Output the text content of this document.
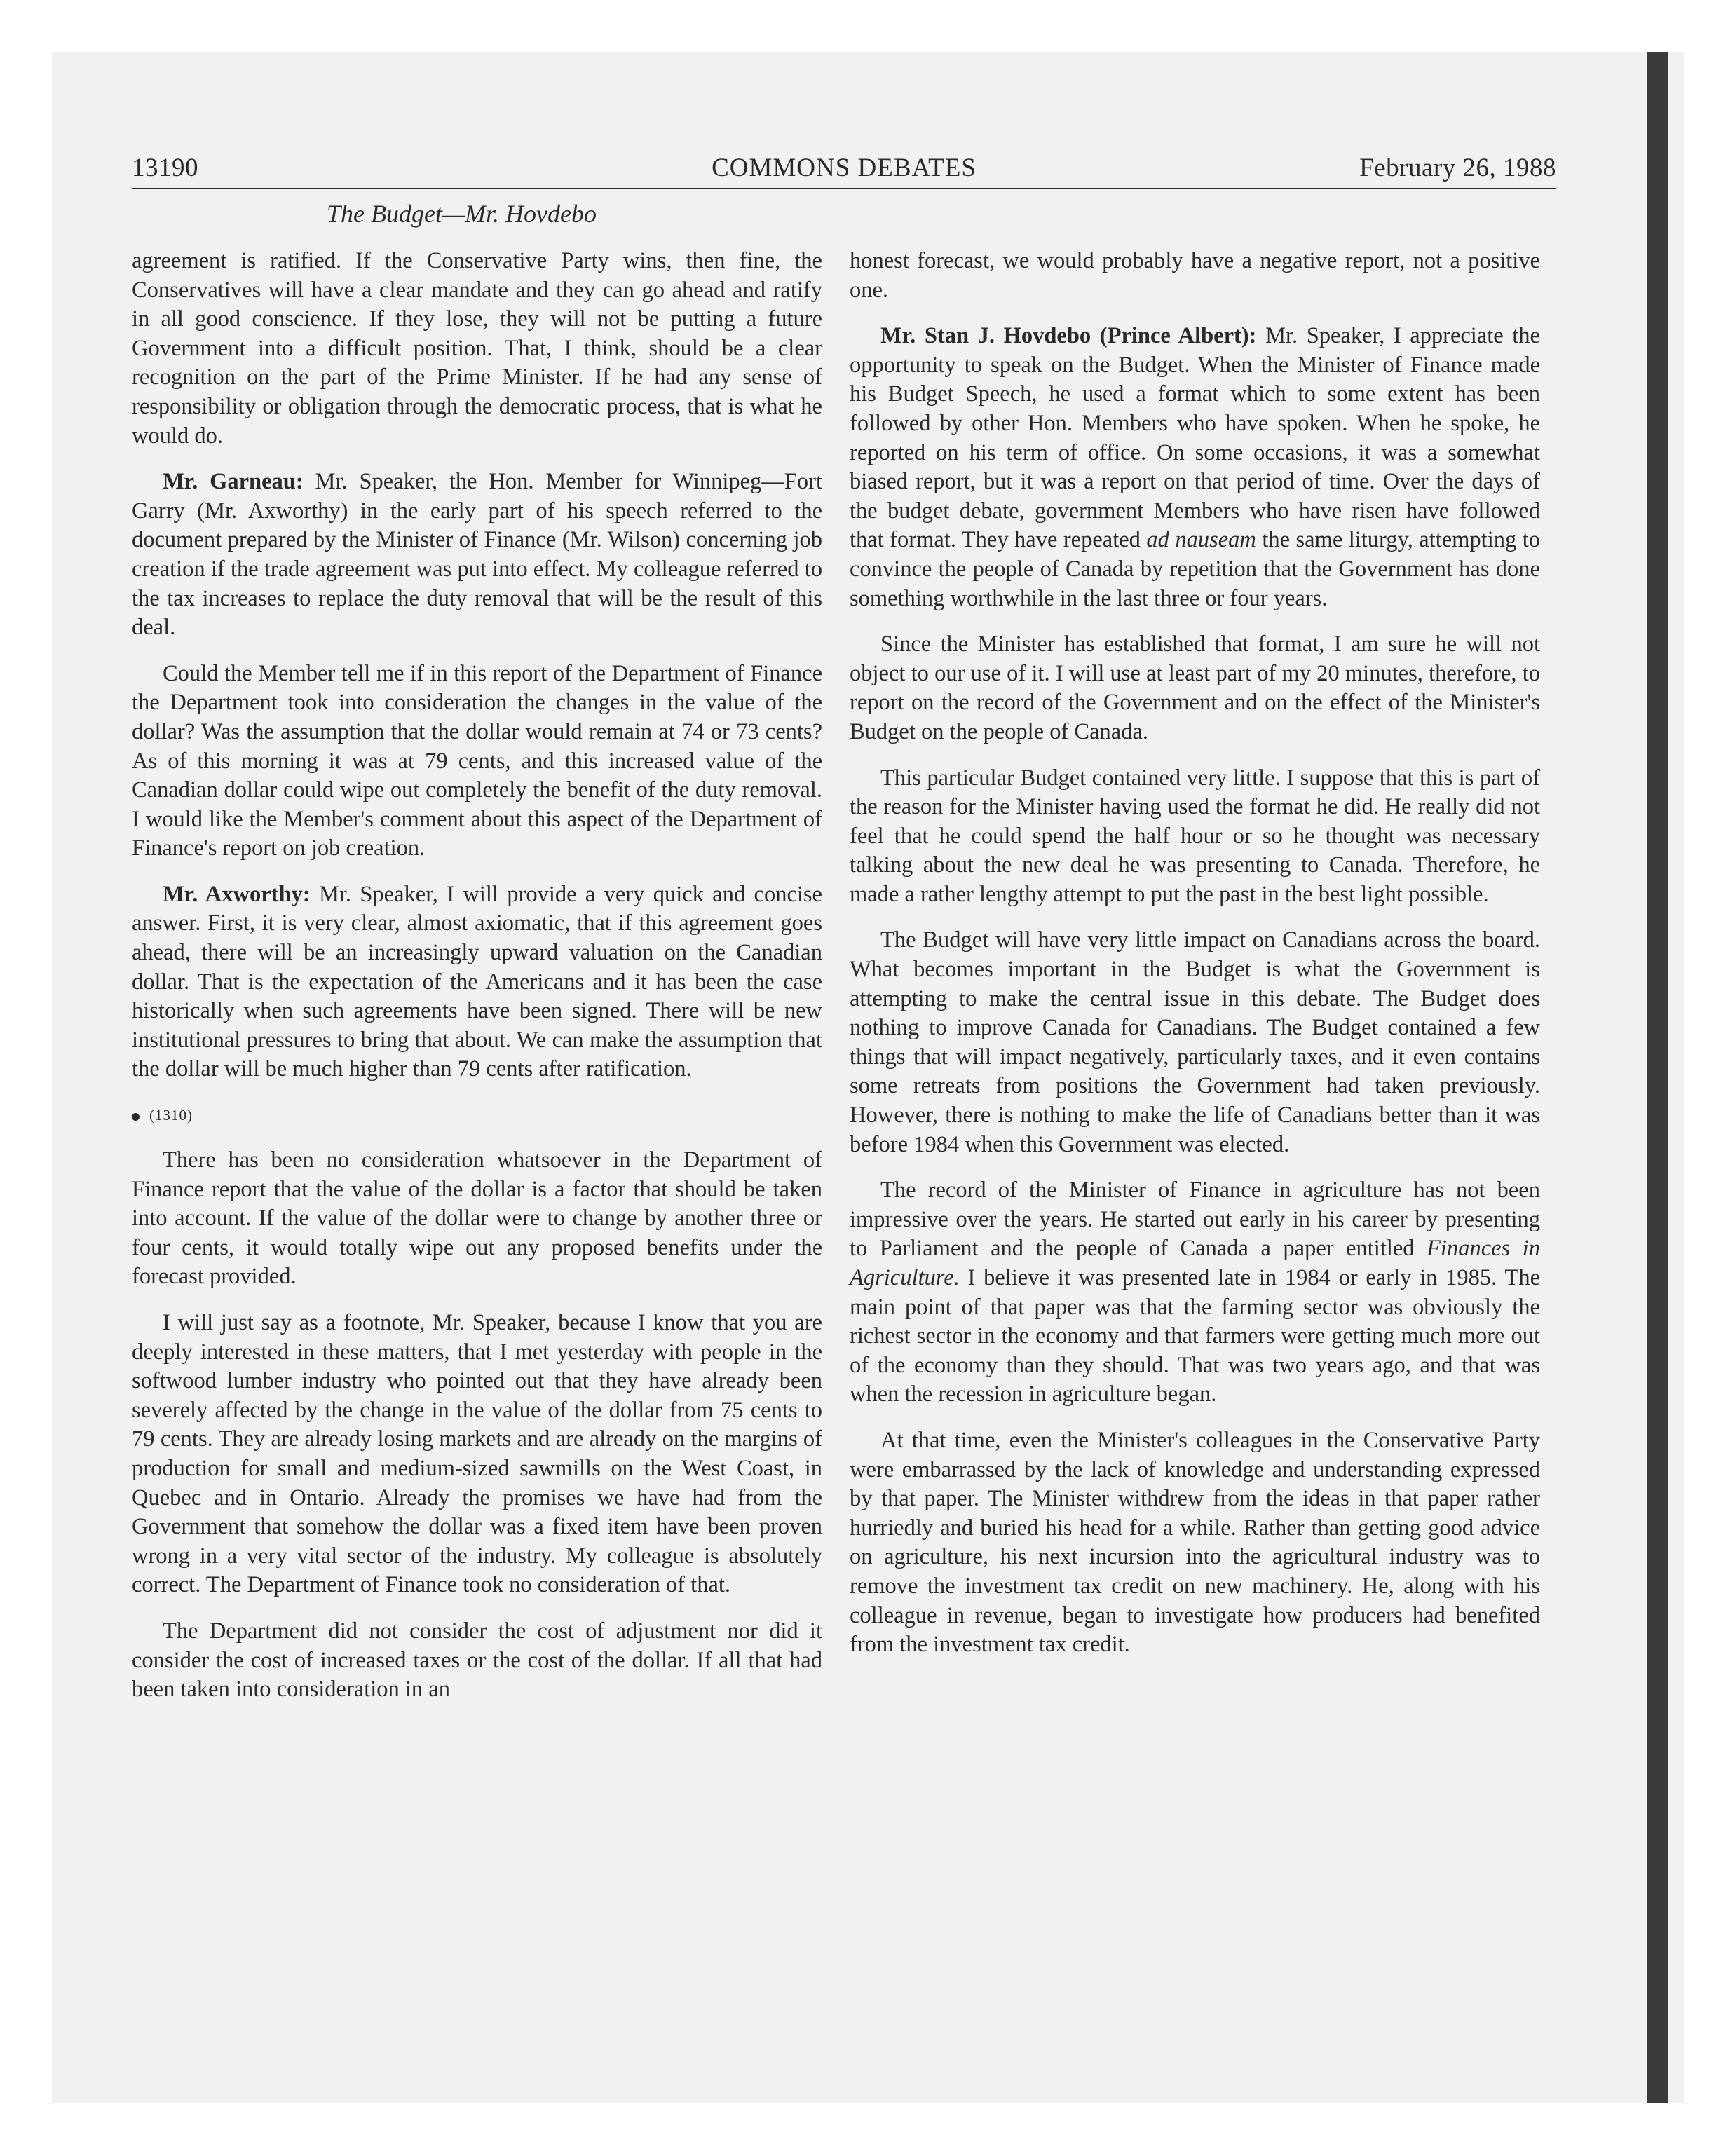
13190	COMMONS DEBATES	February 26, 1988
The Budget—Mr. Hovdebo

agreement is ratified. If the Conservative Party wins, then fine, the Conservatives will have a clear mandate and they can go ahead and ratify in all good conscience. If they lose, they will not be putting a future Government into a difficult position. That, I think, should be a clear recognition on the part of the Prime Minister. If he had any sense of responsibility or obligation through the democratic process, that is what he would do.

Mr. Garneau: Mr. Speaker, the Hon. Member for Winnipeg—Fort Garry (Mr. Axworthy) in the early part of his speech referred to the document prepared by the Minister of Finance (Mr. Wilson) concerning job creation if the trade agreement was put into effect. My colleague referred to the tax increases to replace the duty removal that will be the result of this deal.

Could the Member tell me if in this report of the Department of Finance the Department took into consideration the changes in the value of the dollar? Was the assumption that the dollar would remain at 74 or 73 cents? As of this morning it was at 79 cents, and this increased value of the Canadian dollar could wipe out completely the benefit of the duty removal. I would like the Member's comment about this aspect of the Department of Finance's report on job creation.

Mr. Axworthy: Mr. Speaker, I will provide a very quick and concise answer. First, it is very clear, almost axiomatic, that if this agreement goes ahead, there will be an increasingly upward valuation on the Canadian dollar. That is the expectation of the Americans and it has been the case historically when such agreements have been signed. There will be new institutional pressures to bring that about. We can make the assumption that the dollar will be much higher than 79 cents after ratification.

(1310)

There has been no consideration whatsoever in the Department of Finance report that the value of the dollar is a factor that should be taken into account. If the value of the dollar were to change by another three or four cents, it would totally wipe out any proposed benefits under the forecast provided.

I will just say as a footnote, Mr. Speaker, because I know that you are deeply interested in these matters, that I met yesterday with people in the softwood lumber industry who pointed out that they have already been severely affected by the change in the value of the dollar from 75 cents to 79 cents. They are already losing markets and are already on the margins of production for small and medium-sized sawmills on the West Coast, in Quebec and in Ontario. Already the promises we have had from the Government that somehow the dollar was a fixed item have been proven wrong in a very vital sector of the industry. My colleague is absolutely correct. The Department of Finance took no consideration of that.

The Department did not consider the cost of adjustment nor did it consider the cost of increased taxes or the cost of the dollar. If all that had been taken into consideration in an

honest forecast, we would probably have a negative report, not a positive one.

Mr. Stan J. Hovdebo (Prince Albert): Mr. Speaker, I appreciate the opportunity to speak on the Budget. When the Minister of Finance made his Budget Speech, he used a format which to some extent has been followed by other Hon. Members who have spoken. When he spoke, he reported on his term of office. On some occasions, it was a somewhat biased report, but it was a report on that period of time. Over the days of the budget debate, government Members who have risen have followed that format. They have repeated ad nauseam the same liturgy, attempting to convince the people of Canada by repetition that the Government has done something worthwhile in the last three or four years.

Since the Minister has established that format, I am sure he will not object to our use of it. I will use at least part of my 20 minutes, therefore, to report on the record of the Government and on the effect of the Minister's Budget on the people of Canada.

This particular Budget contained very little. I suppose that this is part of the reason for the Minister having used the format he did. He really did not feel that he could spend the half hour or so he thought was necessary talking about the new deal he was presenting to Canada. Therefore, he made a rather lengthy attempt to put the past in the best light possible.

The Budget will have very little impact on Canadians across the board. What becomes important in the Budget is what the Government is attempting to make the central issue in this debate. The Budget does nothing to improve Canada for Canadians. The Budget contained a few things that will impact negatively, particularly taxes, and it even contains some retreats from positions the Government had taken previously. However, there is nothing to make the life of Canadians better than it was before 1984 when this Government was elected.

The record of the Minister of Finance in agriculture has not been impressive over the years. He started out early in his career by presenting to Parliament and the people of Canada a paper entitled Finances in Agriculture. I believe it was presented late in 1984 or early in 1985. The main point of that paper was that the farming sector was obviously the richest sector in the economy and that farmers were getting much more out of the economy than they should. That was two years ago, and that was when the recession in agriculture began.

At that time, even the Minister's colleagues in the Conservative Party were embarrassed by the lack of knowledge and understanding expressed by that paper. The Minister withdrew from the ideas in that paper rather hurriedly and buried his head for a while. Rather than getting good advice on agriculture, his next incursion into the agricultural industry was to remove the investment tax credit on new machinery. He, along with his colleague in revenue, began to investigate how producers had benefited from the investment tax credit.
